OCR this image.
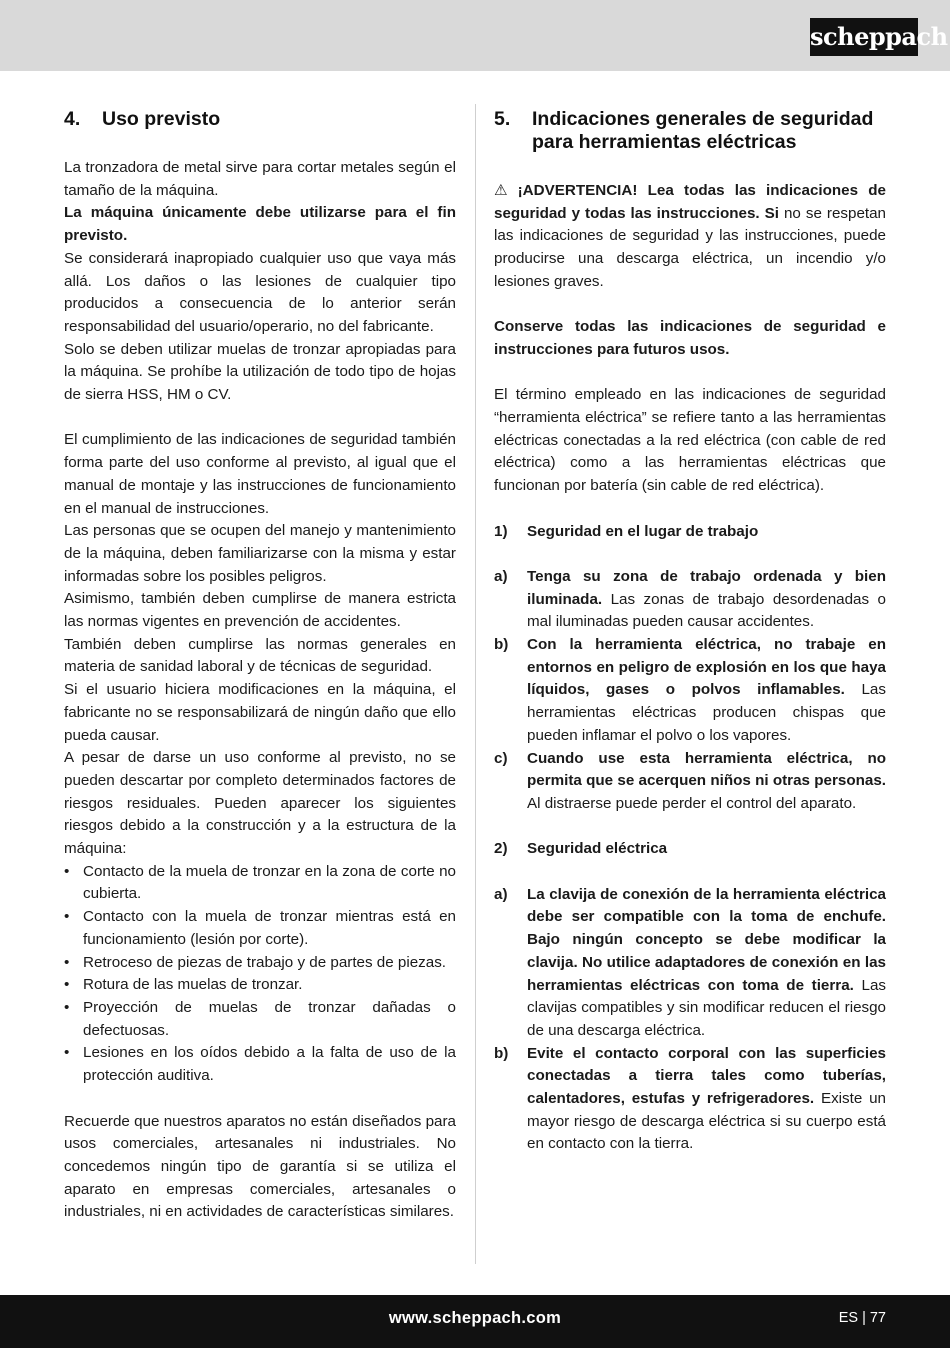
scheppach
4.	Uso previsto

La tronzadora de metal sirve para cortar metales según el tamaño de la máquina.

La máquina únicamente debe utilizarse para el fin previsto.

Se considerará inapropiado cualquier uso que vaya más allá. Los daños o las lesiones de cualquier tipo producidos a consecuencia de lo anterior serán responsabilidad del usuario/operario, no del fabricante.

Solo se deben utilizar muelas de tronzar apropiadas para la máquina. Se prohíbe la utilización de todo tipo de hojas de sierra HSS, HM o CV.

El cumplimiento de las indicaciones de seguridad también forma parte del uso conforme al previsto, al igual que el manual de montaje y las instrucciones de funcionamiento en el manual de instrucciones.

Las personas que se ocupen del manejo y mantenimiento de la máquina, deben familiarizarse con la misma y estar informadas sobre los posibles peligros.

Asimismo, también deben cumplirse de manera estricta las normas vigentes en prevención de accidentes.

También deben cumplirse las normas generales en materia de sanidad laboral y de técnicas de seguridad.

Si el usuario hiciera modificaciones en la máquina, el fabricante no se responsabilizará de ningún daño que ello pueda causar.

A pesar de darse un uso conforme al previsto, no se pueden descartar por completo determinados factores de riesgos residuales. Pueden aparecer los siguientes riesgos debido a la construcción y a la estructura de la máquina:

• Contacto de la muela de tronzar en la zona de corte no cubierta.
• Contacto con la muela de tronzar mientras está en funcionamiento (lesión por corte).
• Retroceso de piezas de trabajo y de partes de piezas.
• Rotura de las muelas de tronzar.
• Proyección de muelas de tronzar dañadas o defectuosas.
• Lesiones en los oídos debido a la falta de uso de la protección auditiva.

Recuerde que nuestros aparatos no están diseñados para usos comerciales, artesanales ni industriales. No concedemos ningún tipo de garantía si se utiliza el aparato en empresas comerciales, artesanales o industriales, ni en actividades de características similares.

5.	Indicaciones generales de seguridad para herramientas eléctricas

⚠ ¡ADVERTENCIA! Lea todas las indicaciones de seguridad y todas las instrucciones. Si no se respetan las indicaciones de seguridad y las instrucciones, puede producirse una descarga eléctrica, un incendio y/o lesiones graves.

Conserve todas las indicaciones de seguridad e instrucciones para futuros usos.

El término empleado en las indicaciones de seguridad “herramienta eléctrica” se refiere tanto a las herramientas eléctricas conectadas a la red eléctrica (con cable de red eléctrica) como a las herramientas eléctricas que funcionan por batería (sin cable de red eléctrica).

1)	Seguridad en el lugar de trabajo
a)	Tenga su zona de trabajo ordenada y bien iluminada. Las zonas de trabajo desordenadas o mal iluminadas pueden causar accidentes.
b)	Con la herramienta eléctrica, no trabaje en entornos en peligro de explosión en los que haya líquidos, gases o polvos inflamables. Las herramientas eléctricas producen chispas que pueden inflamar el polvo o los vapores.
c)	Cuando use esta herramienta eléctrica, no permita que se acerquen niños ni otras personas. Al distraerse puede perder el control del aparato.
2)	Seguridad eléctrica
a)	La clavija de conexión de la herramienta eléctrica debe ser compatible con la toma de enchufe. Bajo ningún concepto se debe modificar la clavija. No utilice adaptadores de conexión en las herramientas eléctricas con toma de tierra. Las clavijas compatibles y sin modificar reducen el riesgo de una descarga eléctrica.
b)	Evite el contacto corporal con las superficies conectadas a tierra tales como tuberías, calentadores, estufas y refrigeradores. Existe un mayor riesgo de descarga eléctrica si su cuerpo está en contacto con la tierra.
www.scheppach.com	ES | 77
